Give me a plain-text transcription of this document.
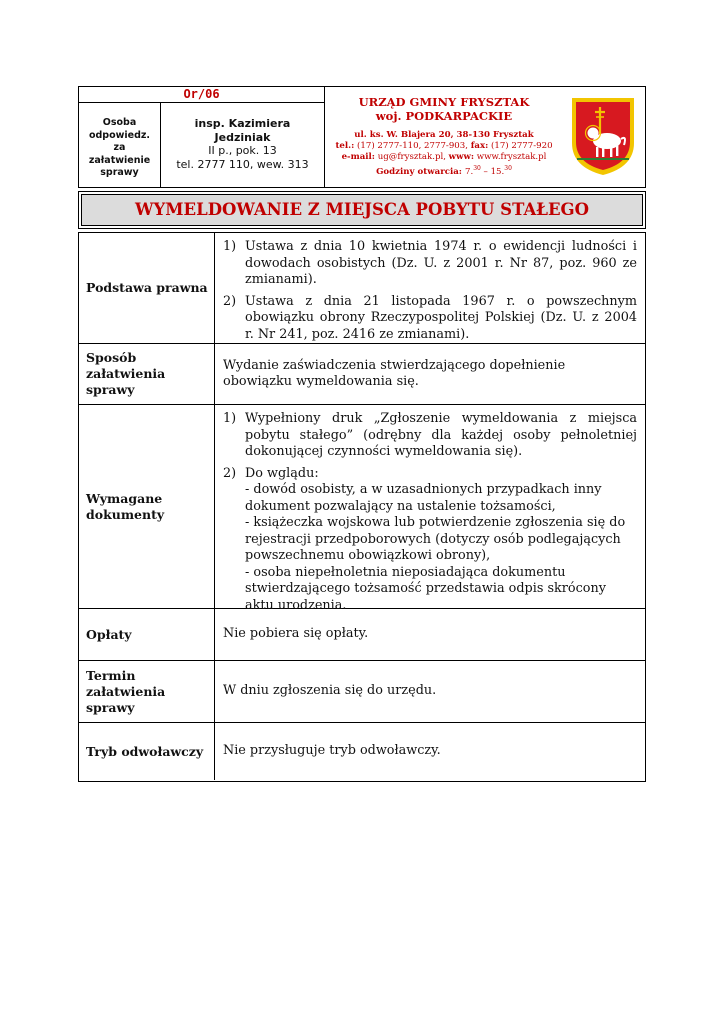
Or/06
Osoba
odpowiedz.
za
załatwienie
sprawy
insp. Kazimiera
Jedziniak
II p., pok. 13
tel. 2777 110, wew. 313
URZĄD GMINY FRYSZTAK
woj. PODKARPACKIE
ul. ks. W. Blajera 20, 38-130 Frysztak
tel.: (17) 2777-110, 2777-903, fax: (17) 2777-920
e-mail: ug@frysztak.pl, www: www.frysztak.pl
Godziny otwarcia: 7.30 – 15.30
WYMELDOWANIE Z MIEJSCA POBYTU STAŁEGO
Podstawa prawna
1) Ustawa z dnia 10 kwietnia 1974 r. o ewidencji ludności i dowodach osobistych (Dz. U. z 2001 r. Nr 87, poz. 960 ze zmianami).
2) Ustawa z dnia 21 listopada 1967 r. o powszechnym obowiązku obrony Rzeczypospolitej Polskiej (Dz. U. z 2004 r. Nr 241, poz. 2416 ze zmianami).
Sposób
załatwienia sprawy
Wydanie zaświadczenia stwierdzającego dopełnienie obowiązku wymeldowania się.
Wymagane
dokumenty
1) Wypełniony druk „Zgłoszenie wymeldowania z miejsca pobytu stałego” (odrębny dla każdej osoby pełnoletniej dokonującej czynności wymeldowania się).
2) Do wglądu:
- dowód osobisty, a w uzasadnionych przypadkach inny dokument pozwalający na ustalenie tożsamości,
- książeczka wojskowa lub potwierdzenie zgłoszenia się do rejestracji przedpoborowych (dotyczy osób podlegających powszechnemu obowiązkowi obrony),
- osoba niepełnoletnia nieposiadająca dokumentu stwierdzającego tożsamość przedstawia odpis skrócony aktu urodzenia.
Opłaty	Nie pobiera się opłaty.
Termin załatwienia
sprawy
W dniu zgłoszenia się do urzędu.
Tryb odwoławczy	Nie przysługuje tryb odwoławczy.
